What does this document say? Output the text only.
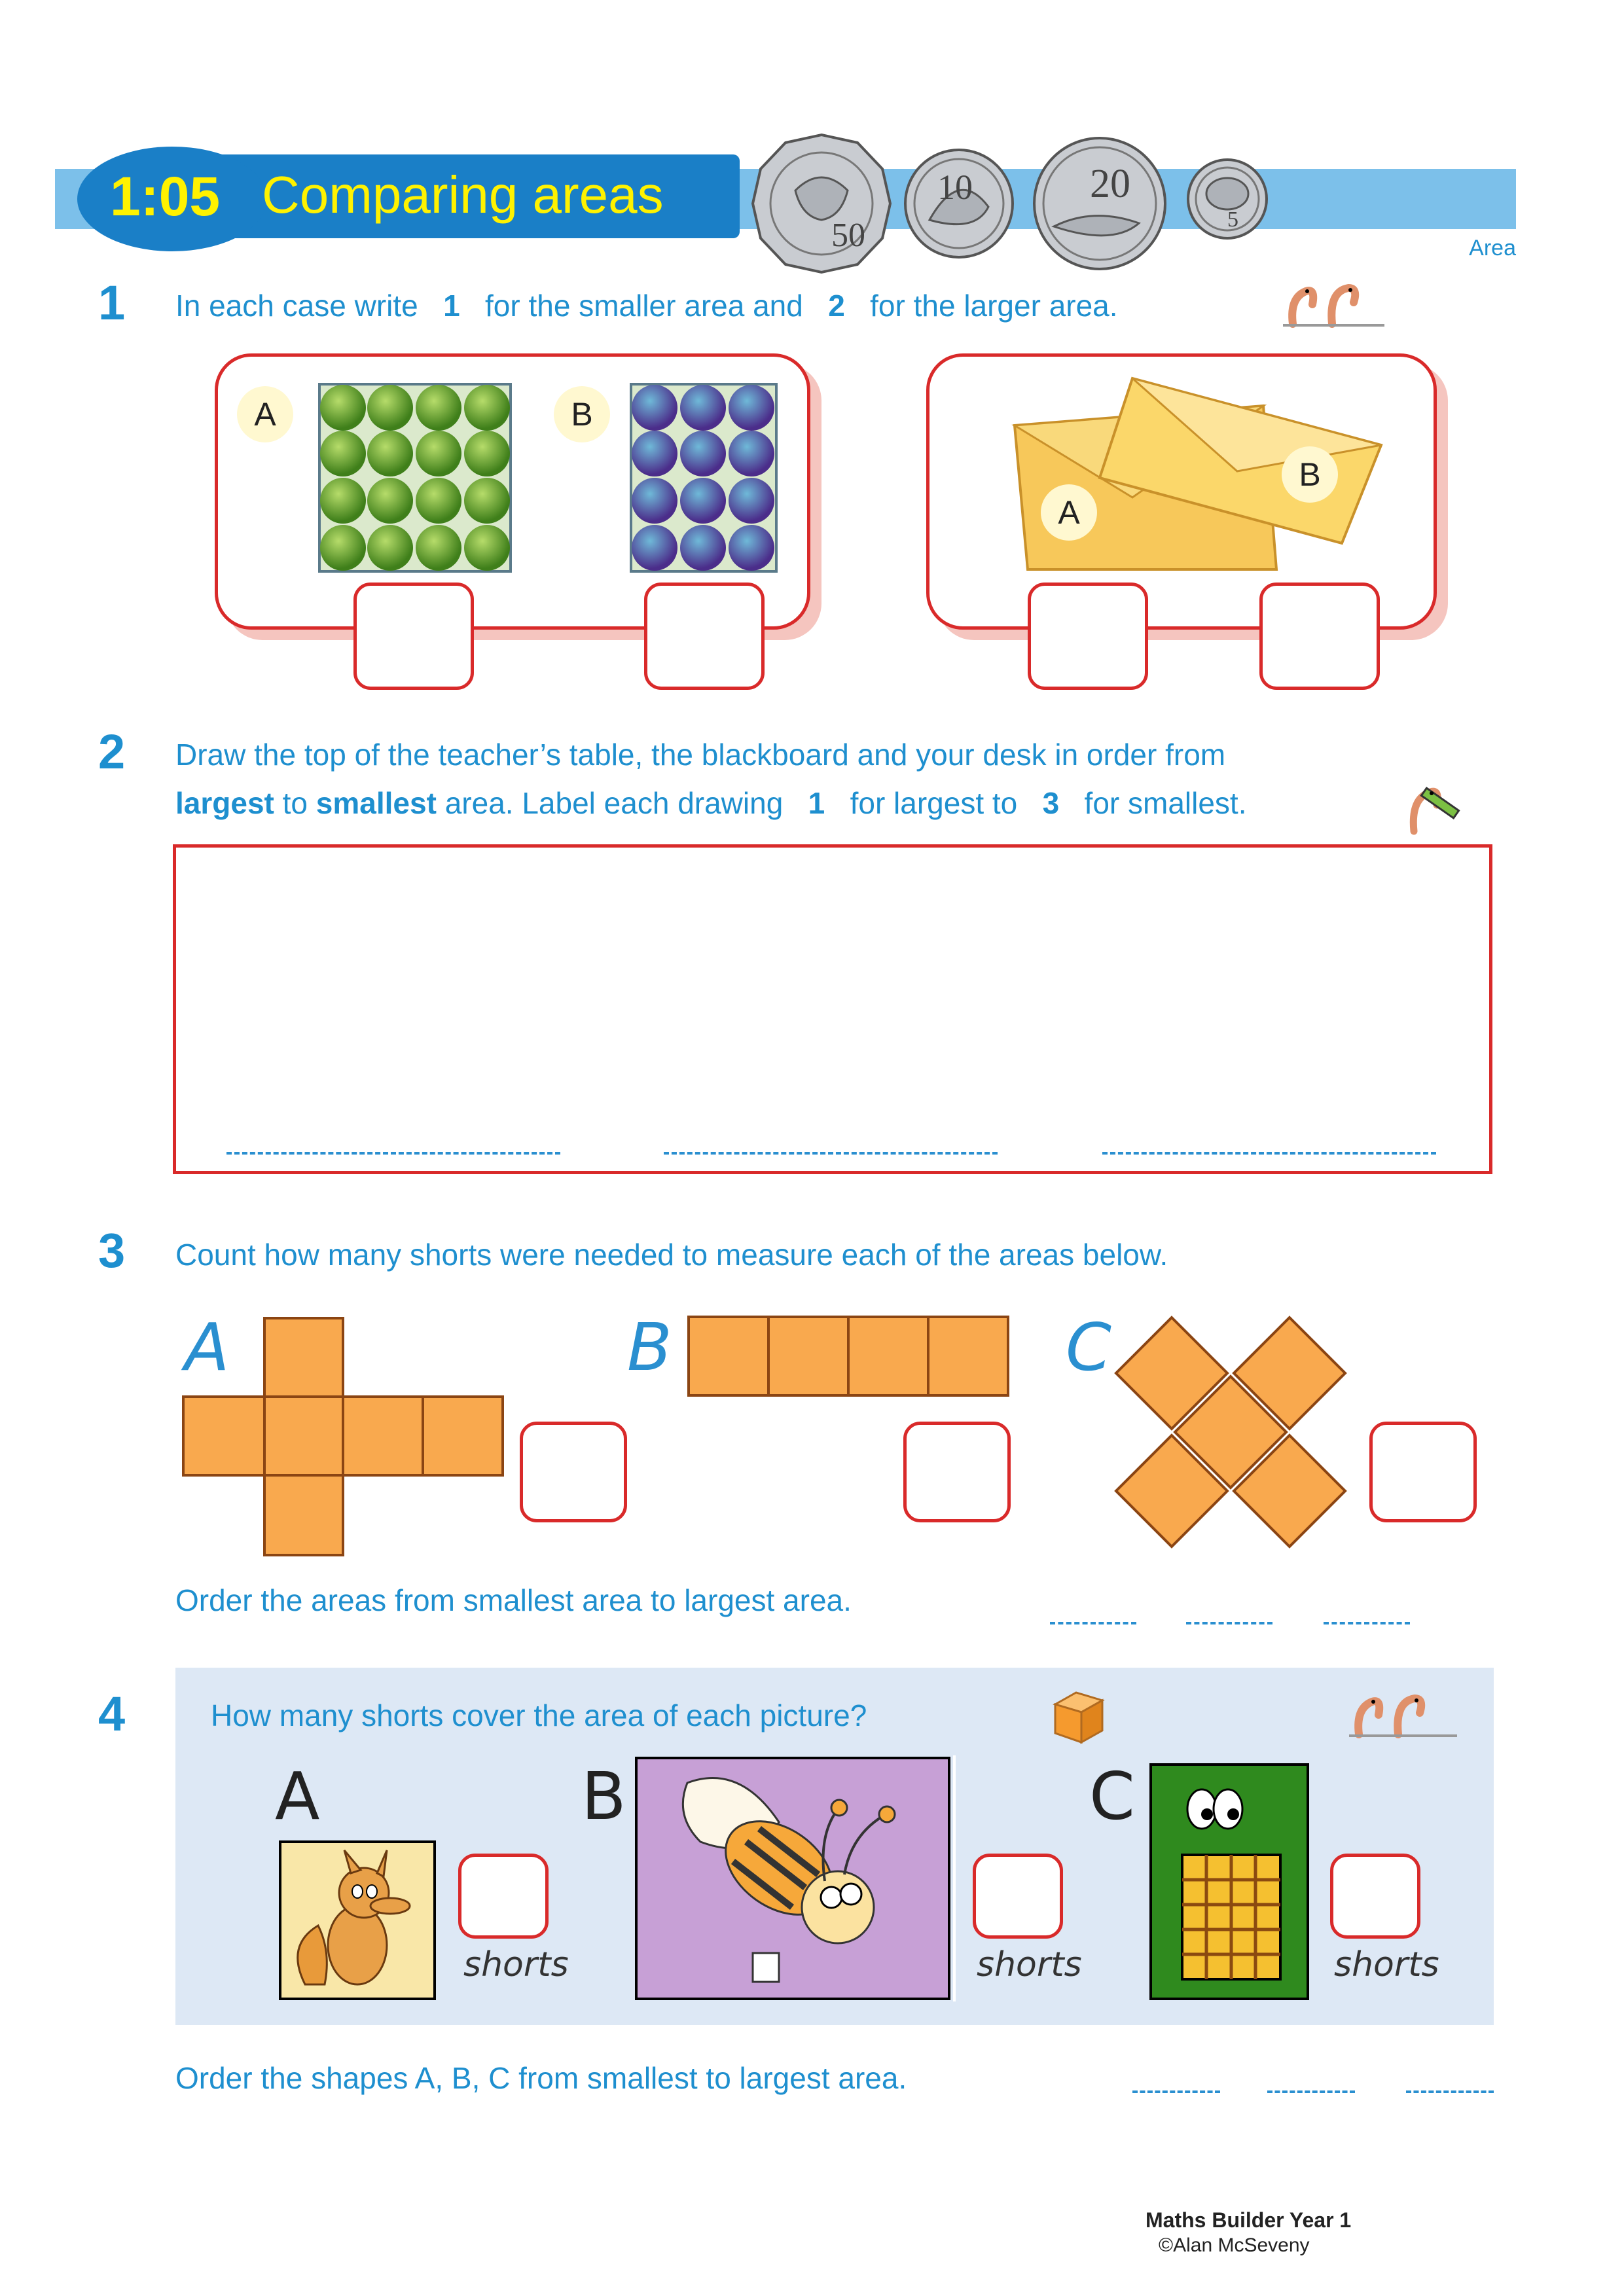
1:05 Comparing areas
50
10	20
5
Area
1 In each case write 1 for the smaller area and 2 for the larger area.
A	B
A
B
2 Draw the top of the teacher’s table, the blackboard and your desk in order from
largest to smallest area. Label each drawing 1 for largest to 3 for smallest.
3 Count how many shorts were needed to measure each of the areas below.
A	B	C
Order the areas from smallest area to largest area.
4	How many shorts cover the area of each picture?
A
shorts
B
shorts
C
shorts
Order the shapes A, B, C from smallest to largest area.
Maths Builder Year 1
©Alan McSeveny
